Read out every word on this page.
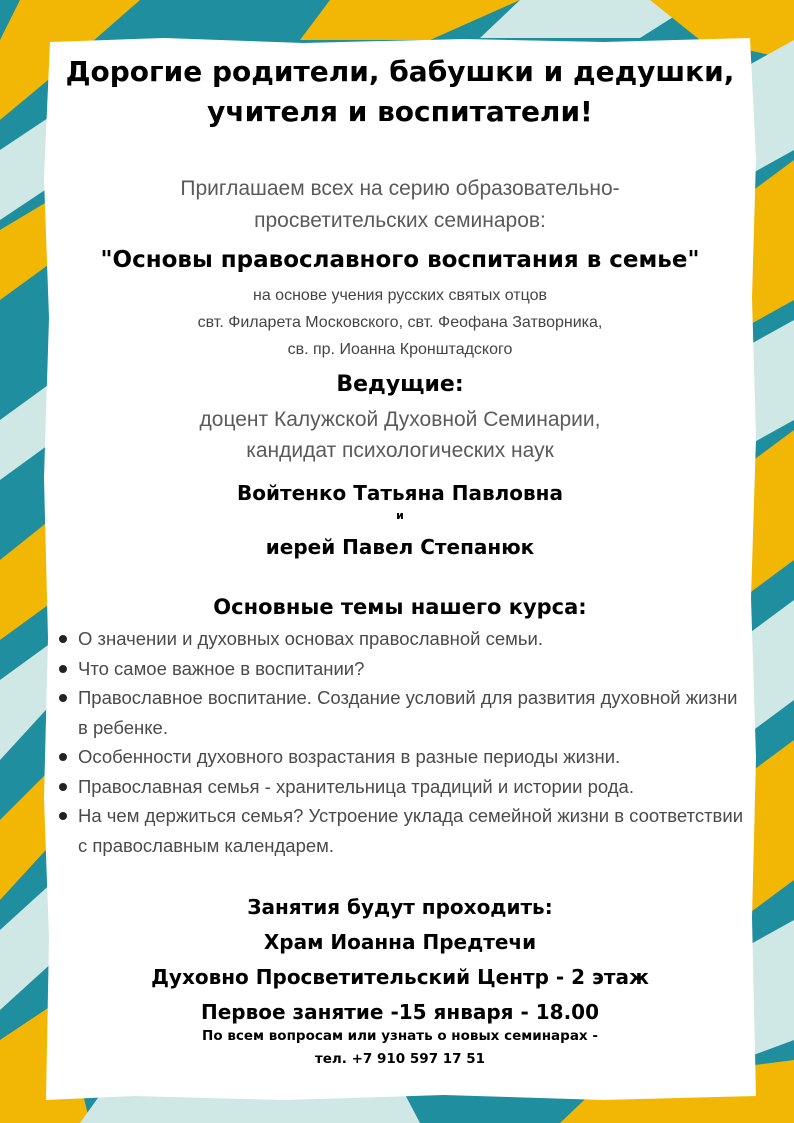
Дорогие родители, бабушки и дедушки, учителя и воспитатели!
Приглашаем всех на серию образовательно-
просветительских семинаров:
"Основы православного воспитания в семье"
на основе учения русских святых отцов
свт. Филарета Московского, свт. Феофана Затворника,
св. пр. Иоанна Кронштадского
Ведущие:
доцент Калужской Духовной Семинарии,
кандидат психологических наук
Войтенко Татьяна Павловна
и
иерей Павел Степанюк
Основные темы нашего курса:
О значении и духовных основах православной семьи.
Что самое важное в воспитании?
Православное воспитание. Создание условий для развития духовной жизни в ребенке.
Особенности духовного возрастания в разные периоды жизни.
Православная семья - хранительница традиций и истории рода.
На чем держиться семья? Устроение уклада семейной жизни в соответствии с православным календарем.
Занятия будут проходить:
Храм Иоанна Предтечи
Духовно Просветительский Центр - 2 этаж
Первое занятие -15 января - 18.00
По всем вопросам или узнать о новых семинарах -
тел. +7 910 597 17 51
